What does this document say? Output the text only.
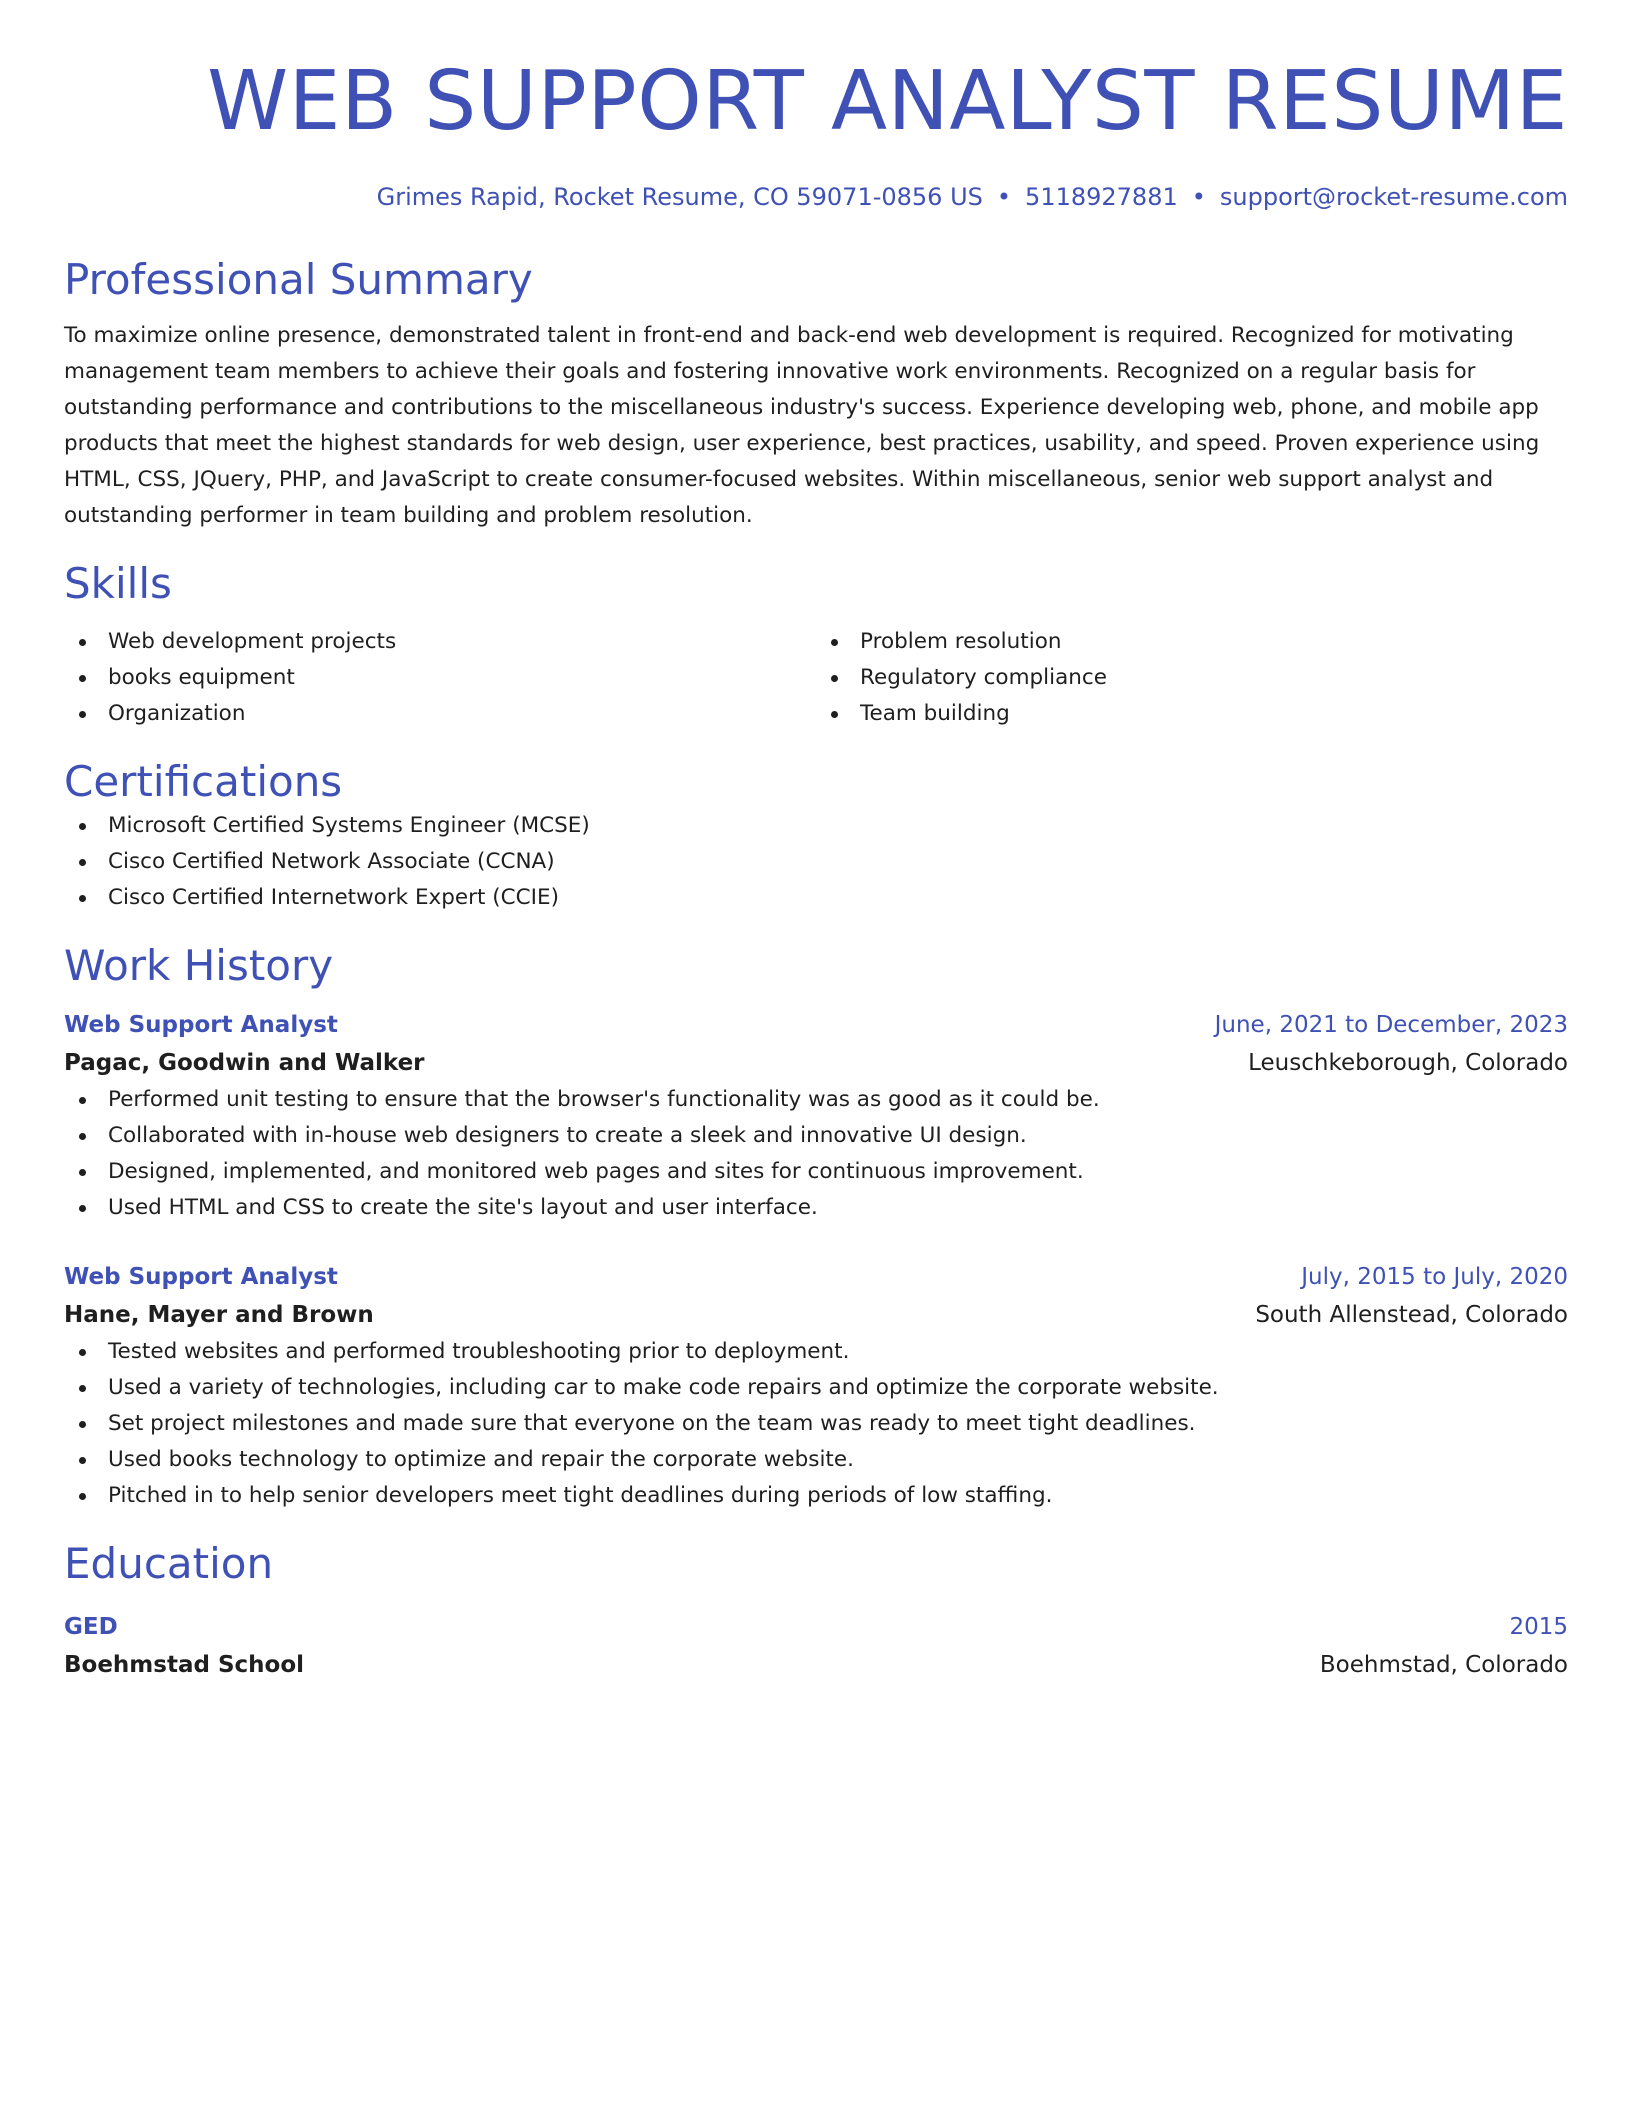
WEB SUPPORT ANALYST RESUME
Grimes Rapid, Rocket Resume, CO 59071-0856 US • 5118927881 • support@rocket-resume.com
Professional Summary

To maximize online presence, demonstrated talent in front-end and back-end web development is required. Recognized for motivating management team members to achieve their goals and fostering innovative work environments. Recognized on a regular basis for outstanding performance and contributions to the miscellaneous industry's success. Experience developing web, phone, and mobile app products that meet the highest standards for web design, user experience, best practices, usability, and speed. Proven experience using HTML, CSS, JQuery, PHP, and JavaScript to create consumer-focused websites. Within miscellaneous, senior web support analyst and outstanding performer in team building and problem resolution.

Skills
Web development projects
books equipment
Organization
Problem resolution
Regulatory compliance
Team building
Certifications
Microsoft Certified Systems Engineer (MCSE)
Cisco Certified Network Associate (CCNA)
Cisco Certified Internetwork Expert (CCIE)
Work History
Web Support Analyst	June, 2021 to December, 2023
Pagac, Goodwin and Walker	Leuschkeborough, Colorado
Performed unit testing to ensure that the browser's functionality was as good as it could be.
Collaborated with in-house web designers to create a sleek and innovative UI design.
Designed, implemented, and monitored web pages and sites for continuous improvement.
Used HTML and CSS to create the site's layout and user interface.
Web Support Analyst	July, 2015 to July, 2020
Hane, Mayer and Brown	South Allenstead, Colorado
Tested websites and performed troubleshooting prior to deployment.
Used a variety of technologies, including car to make code repairs and optimize the corporate website.
Set project milestones and made sure that everyone on the team was ready to meet tight deadlines.
Used books technology to optimize and repair the corporate website.
Pitched in to help senior developers meet tight deadlines during periods of low staffing.
Education
GED	2015
Boehmstad School	Boehmstad, Colorado
